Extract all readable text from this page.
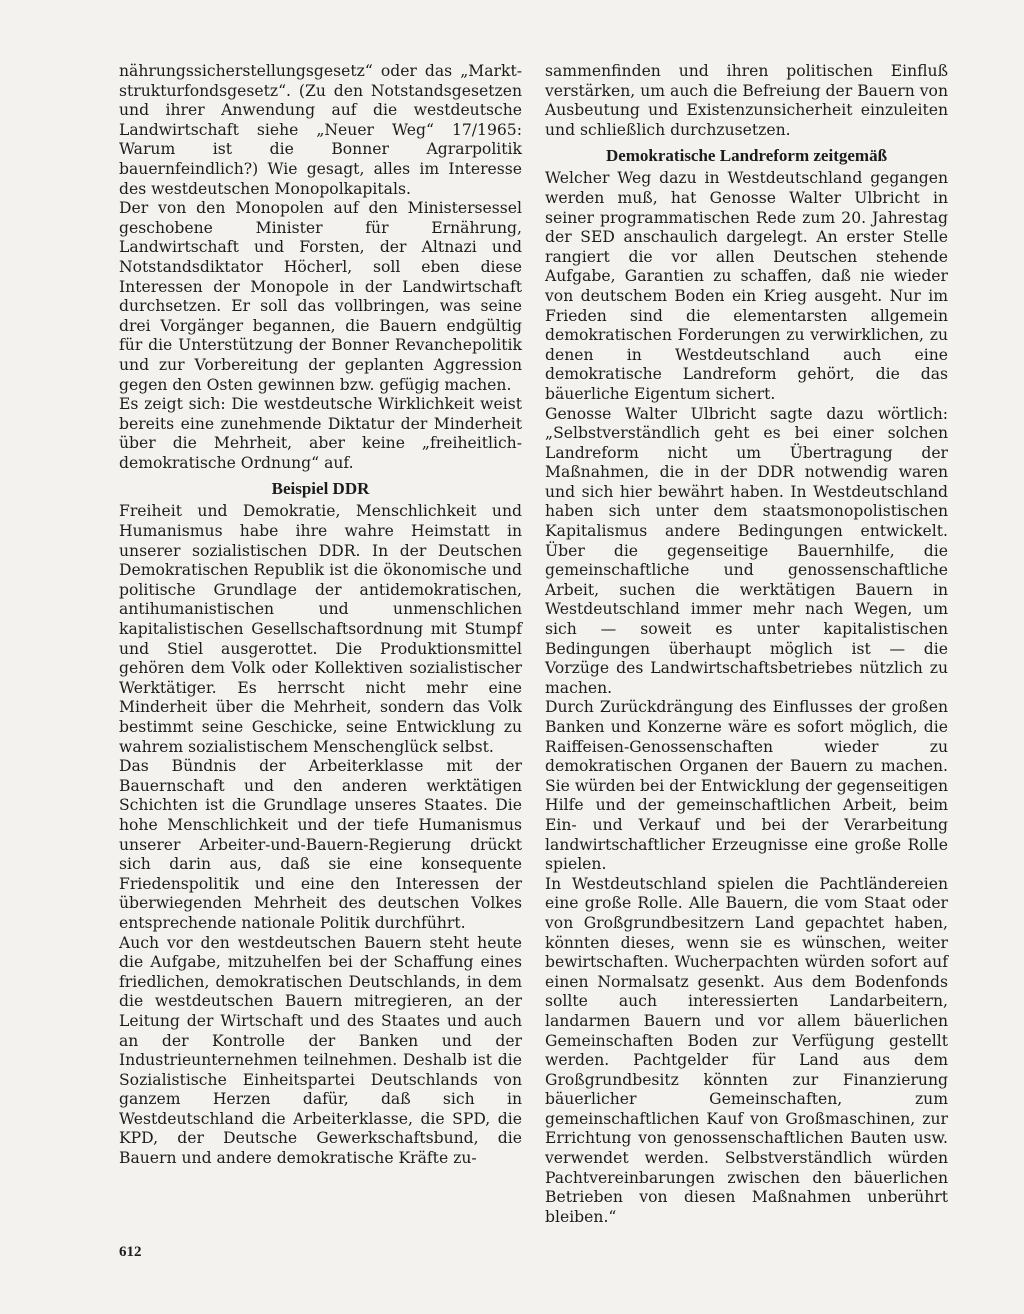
nährungssicherstellungsgesetz“ oder das „Markt-strukturfondsgesetz“. (Zu den Notstandsgesetzen und ihrer Anwendung auf die westdeutsche Landwirtschaft siehe „Neuer Weg“ 17/1965: Warum ist die Bonner Agrarpolitik bauernfeindlich?) Wie gesagt, alles im Interesse des westdeutschen Monopolkapitals.

Der von den Monopolen auf den Ministersessel geschobene Minister für Ernährung, Landwirtschaft und Forsten, der Altnazi und Notstandsdiktator Höcherl, soll eben diese Interessen der Monopole in der Landwirtschaft durchsetzen. Er soll das vollbringen, was seine drei Vorgänger begannen, die Bauern endgültig für die Unterstützung der Bonner Revanchepolitik und zur Vorbereitung der geplanten Aggression gegen den Osten gewinnen bzw. gefügig machen.

Es zeigt sich: Die westdeutsche Wirklichkeit weist bereits eine zunehmende Diktatur der Minderheit über die Mehrheit, aber keine „freiheitlich-demokratische Ordnung“ auf.

Beispiel DDR

Freiheit und Demokratie, Menschlichkeit und Humanismus habe ihre wahre Heimstatt in unserer sozialistischen DDR. In der Deutschen Demokratischen Republik ist die ökonomische und politische Grundlage der antidemokratischen, antihumanistischen und unmenschlichen kapitalistischen Gesellschaftsordnung mit Stumpf und Stiel ausgerottet. Die Produktionsmittel gehören dem Volk oder Kollektiven sozialistischer Werktätiger. Es herrscht nicht mehr eine Minderheit über die Mehrheit, sondern das Volk bestimmt seine Geschicke, seine Entwicklung zu wahrem sozialistischem Menschenglück selbst.

Das Bündnis der Arbeiterklasse mit der Bauernschaft und den anderen werktätigen Schichten ist die Grundlage unseres Staates. Die hohe Menschlichkeit und der tiefe Humanismus unserer Arbeiter-und-Bauern-Regierung drückt sich darin aus, daß sie eine konsequente Friedenspolitik und eine den Interessen der überwiegenden Mehrheit des deutschen Volkes entsprechende nationale Politik durchführt.

Auch vor den westdeutschen Bauern steht heute die Aufgabe, mitzuhelfen bei der Schaffung eines friedlichen, demokratischen Deutschlands, in dem die westdeutschen Bauern mitregieren, an der Leitung der Wirtschaft und des Staates und auch an der Kontrolle der Banken und der Industrieunternehmen teilnehmen. Deshalb ist die Sozialistische Einheitspartei Deutschlands von ganzem Herzen dafür, daß sich in Westdeutschland die Arbeiterklasse, die SPD, die KPD, der Deutsche Gewerkschaftsbund, die Bauern und andere demokratische Kräfte zu-

sammenfinden und ihren politischen Einfluß verstärken, um auch die Befreiung der Bauern von Ausbeutung und Existenzunsicherheit einzuleiten und schließlich durchzusetzen.

Demokratische Landreform zeitgemäß

Welcher Weg dazu in Westdeutschland gegangen werden muß, hat Genosse Walter Ulbricht in seiner programmatischen Rede zum 20. Jahrestag der SED anschaulich dargelegt. An erster Stelle rangiert die vor allen Deutschen stehende Aufgabe, Garantien zu schaffen, daß nie wieder von deutschem Boden ein Krieg ausgeht. Nur im Frieden sind die elementarsten allgemein demokratischen Forderungen zu verwirklichen, zu denen in Westdeutschland auch eine demokratische Landreform gehört, die das bäuerliche Eigentum sichert.

Genosse Walter Ulbricht sagte dazu wörtlich: „Selbstverständlich geht es bei einer solchen Landreform nicht um Übertragung der Maßnahmen, die in der DDR notwendig waren und sich hier bewährt haben. In Westdeutschland haben sich unter dem staatsmonopolistischen Kapitalismus andere Bedingungen entwickelt. Über die gegenseitige Bauernhilfe, die gemeinschaftliche und genossenschaftliche Arbeit, suchen die werktätigen Bauern in Westdeutschland immer mehr nach Wegen, um sich — soweit es unter kapitalistischen Bedingungen überhaupt möglich ist — die Vorzüge des Landwirtschaftsbetriebes nützlich zu machen.

Durch Zurückdrängung des Einflusses der großen Banken und Konzerne wäre es sofort möglich, die Raiffeisen-Genossenschaften wieder zu demokratischen Organen der Bauern zu machen. Sie würden bei der Entwicklung der gegenseitigen Hilfe und der gemeinschaftlichen Arbeit, beim Ein- und Verkauf und bei der Verarbeitung landwirtschaftlicher Erzeugnisse eine große Rolle spielen.

In Westdeutschland spielen die Pachtländereien eine große Rolle. Alle Bauern, die vom Staat oder von Großgrundbesitzern Land gepachtet haben, könnten dieses, wenn sie es wünschen, weiter bewirtschaften. Wucherpachten würden sofort auf einen Normalsatz gesenkt. Aus dem Bodenfonds sollte auch interessierten Landarbeitern, landarmen Bauern und vor allem bäuerlichen Gemeinschaften Boden zur Verfügung gestellt werden. Pachtgelder für Land aus dem Großgrundbesitz könnten zur Finanzierung bäuerlicher Gemeinschaften, zum gemeinschaftlichen Kauf von Großmaschinen, zur Errichtung von genossenschaftlichen Bauten usw. verwendet werden. Selbstverständlich würden Pachtvereinbarungen zwischen den bäuerlichen Betrieben von diesen Maßnahmen unberührt bleiben.“

612
